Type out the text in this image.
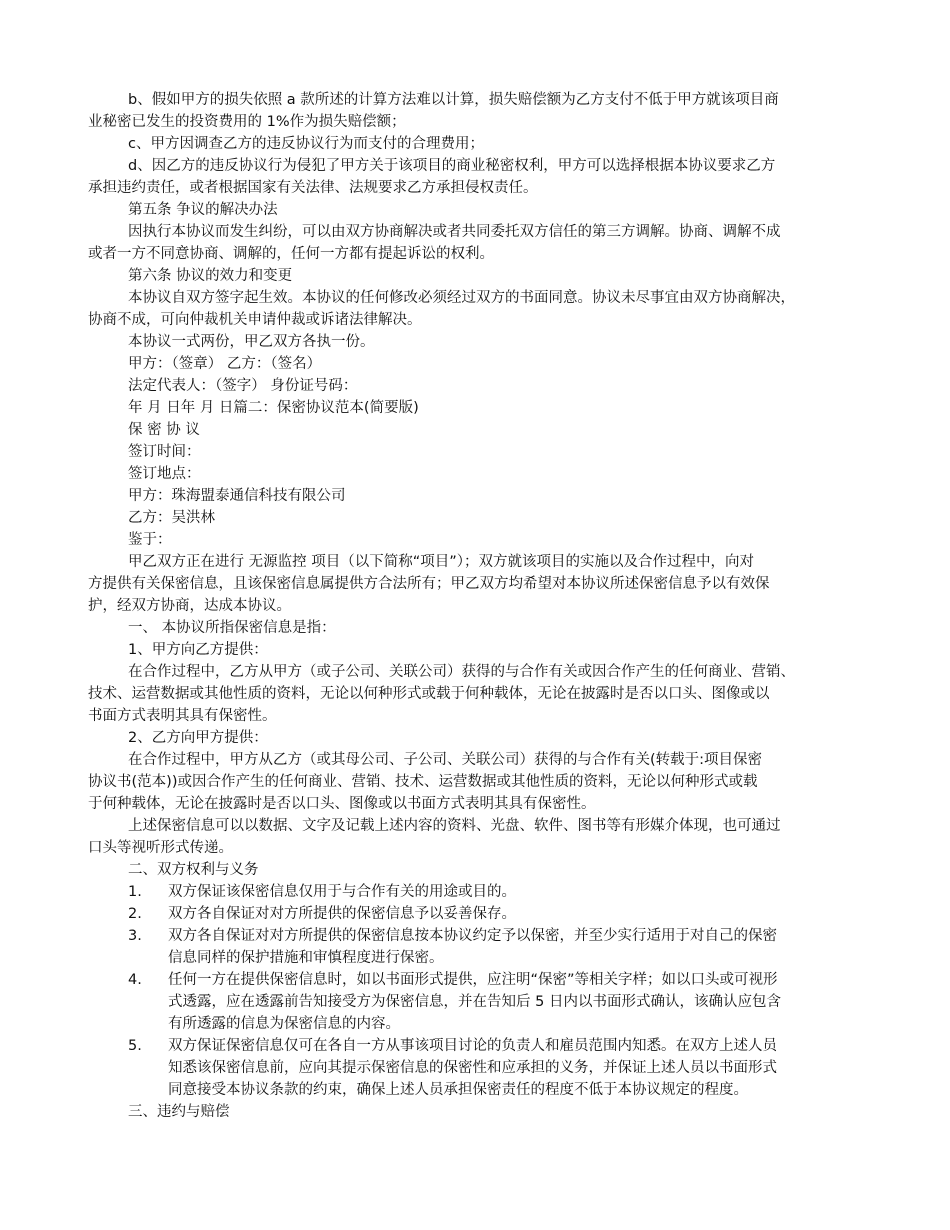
b、假如甲方的损失依照 a 款所述的计算方法难以计算，损失赔偿额为乙方支付不低于甲方就该项目商
业秘密已发生的投资费用的 1%作为损失赔偿额；
c、甲方因调查乙方的违反协议行为而支付的合理费用；
d、因乙方的违反协议行为侵犯了甲方关于该项目的商业秘密权利，甲方可以选择根据本协议要求乙方
承担违约责任，或者根据国家有关法律、法规要求乙方承担侵权责任。
第五条 争议的解决办法
因执行本协议而发生纠纷，可以由双方协商解决或者共同委托双方信任的第三方调解。协商、调解不成
或者一方不同意协商、调解的，任何一方都有提起诉讼的权利。
第六条 协议的效力和变更
本协议自双方签字起生效。本协议的任何修改必须经过双方的书面同意。协议未尽事宜由双方协商解决，
协商不成，可向仲裁机关申请仲裁或诉诸法律解决。
本协议一式两份，甲乙双方各执一份。
甲方：（签章） 乙方：（签名）
法定代表人：（签字） 身份证号码：
年 月 日年 月 日篇二：保密协议范本(简要版)
保 密 协 议
签订时间：
签订地点：
甲方：珠海盟泰通信科技有限公司
乙方：吴洪林
鉴于：
甲乙双方正在进行 无源监控 项目（以下简称“项目”）；双方就该项目的实施以及合作过程中，向对
方提供有关保密信息，且该保密信息属提供方合法所有；甲乙双方均希望对本协议所述保密信息予以有效保
护，经双方协商，达成本协议。
一、 本协议所指保密信息是指：
1、甲方向乙方提供：
在合作过程中，乙方从甲方（或子公司、关联公司）获得的与合作有关或因合作产生的任何商业、营销、
技术、运营数据或其他性质的资料，无论以何种形式或载于何种载体，无论在披露时是否以口头、图像或以
书面方式表明其具有保密性。
2、乙方向甲方提供：
在合作过程中，甲方从乙方（或其母公司、子公司、关联公司）获得的与合作有关(转载于:项目保密
协议书(范本))或因合作产生的任何商业、营销、技术、运营数据或其他性质的资料，无论以何种形式或载
于何种载体，无论在披露时是否以口头、图像或以书面方式表明其具有保密性。
上述保密信息可以以数据、文字及记载上述内容的资料、光盘、软件、图书等有形媒介体现，也可通过
口头等视听形式传递。
二、双方权利与义务
1.	双方保证该保密信息仅用于与合作有关的用途或目的。
2.	双方各自保证对对方所提供的保密信息予以妥善保存。
3.	双方各自保证对对方所提供的保密信息按本协议约定予以保密，并至少实行适用于对自己的保密
信息同样的保护措施和审慎程度进行保密。
4.	任何一方在提供保密信息时，如以书面形式提供，应注明“保密”等相关字样；如以口头或可视形
式透露，应在透露前告知接受方为保密信息，并在告知后 5 日内以书面形式确认，该确认应包含
有所透露的信息为保密信息的内容。
5.	双方保证保密信息仅可在各自一方从事该项目讨论的负责人和雇员范围内知悉。在双方上述人员
知悉该保密信息前，应向其提示保密信息的保密性和应承担的义务，并保证上述人员以书面形式
同意接受本协议条款的约束，确保上述人员承担保密责任的程度不低于本协议规定的程度。
三、违约与赔偿
